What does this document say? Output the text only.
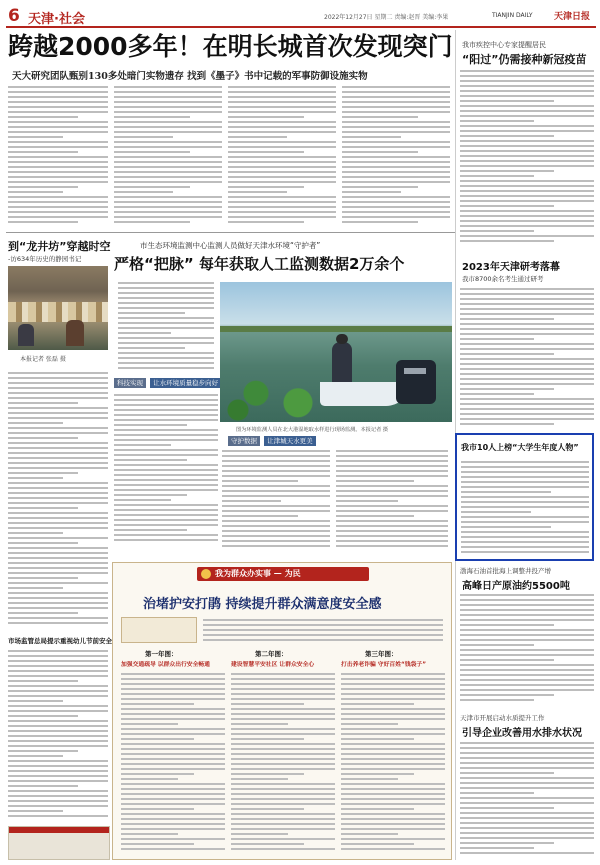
6 天津·社会	2022年12月27日 星期二 责编:赵晋 美编:李果	TIANJIN DAILY 天津日报
跨越2000多年！在明长城首次发现突门
天大研究团队甄别130多处暗门实物遗存 找到《墨子》书中记载的军事防御设施实物
我市疾控中心专家提醒居民
“阳过”仍需接种新冠疫苗
2023年天津研考落幕
我市8700余名考生通过研考
我市10人上榜“大学生年度人物”
渤海石油首批海上调整井投产增
高峰日产原油约5500吨
天津市开展启动水质提升工作
引导企业改善用水排水状况
到“龙井坊”穿越时空
-访634年历史的静园书记
本报记者 张磊 摄
市场监管总局提示重视幼儿节前安全
市生态环境监测中心监测人员做好天津水环境“守护者”
严格“把脉” 每年获取人工监测数据2万余个
科技实现 让水环境质量稳步向好
图为环境监测人员在北大港湿地取水样进行现场监测。本报记者 摄
守护数据 让津城天水更美
我为群众办实事 — 为民
治堵护安打鹃 持续提升群众满意度安全感
第一年图：
加强交通疏导 以群众出行安全畅通
第二年图：
建设智慧平安社区 让群众安全心
第三年图：
打击养老诈骗 守好百姓“钱袋子”
